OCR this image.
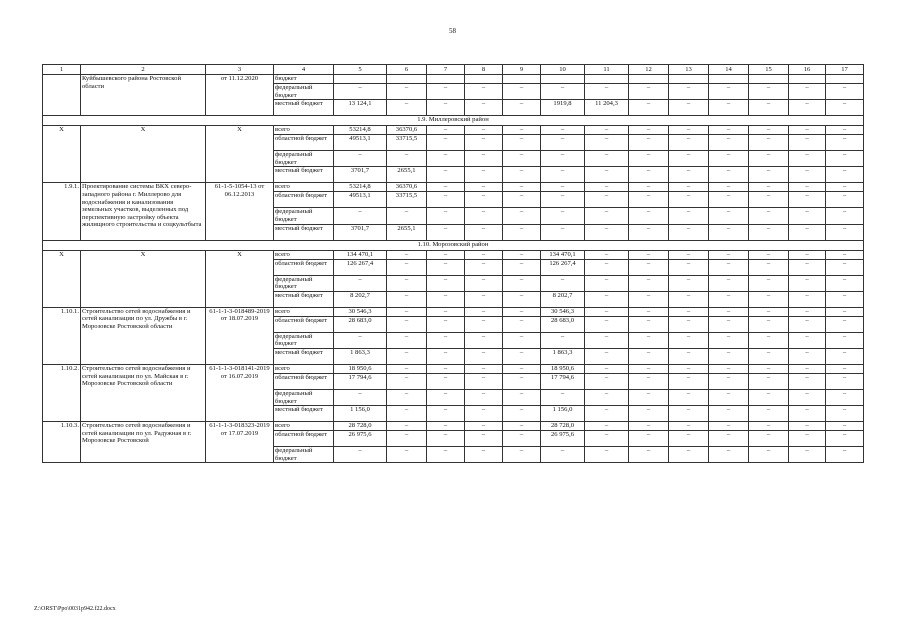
58
1	2	3	4	5	6	7	8	9	10	11	12	13	14	15	16	17
	Куйбышевского района Ростовской области	от 11.12.2020	бюджет													
			федеральный бюджет	–	–	–	–	–	–	–	–	–	–	–	–	–
			местный бюджет	13 124,1	–	–	–	–	1919,8	11 204,3	–	–	–	–	–	–
1.9. Миллеровский район																
Х	Х	Х	всего	53214,8	36370,6	–	–	–	–	–	–	–	–	–	–	–
			областной бюджет	49513,1	33715,5	–	–	–	–	–	–	–	–	–	–	–
			федеральный бюджет	–	–	–	–	–	–	–	–	–	–	–	–	–
			местный бюджет	3701,7	2655,1	–	–	–	–	–	–	–	–	–	–	–
1.9.1.	Проектирование системы ВКХ северо-западного района г. Миллерово для водоснабжения и канализования земельных участков, выделенных под перспективную застройку объекта жилищного строительства и соцкультбыта	61-1-5-1054-13 от 06.12.2013	всего	53214,8	36370,6	–	–	–	–	–	–	–	–	–	–	–
			областной бюджет	49513,1	33715,5	–	–	–	–	–	–	–	–	–	–	–
			федеральный бюджет	–	–	–	–	–	–	–	–	–	–	–	–	–
			местный бюджет	3701,7	2655,1	–	–	–	–	–	–	–	–	–	–	–
1.10. Морозовский район																
Х	Х	Х	всего	134 470,1	–	–	–	–	134 470,1	–	–	–	–	–	–	–
			областной бюджет	126 267,4	–	–	–	–	126 267,4	–	–	–	–	–	–	–
			федеральный бюджет	–	–	–	–	–	–	–	–	–	–	–	–	–
			местный бюджет	8 202,7	–	–	–	–	8 202,7	–	–	–	–	–	–	–
1.10.1.	Строительство сетей водоснабжения и сетей канализации по ул. Дружбы в г. Морозовске Ростовской области	61-1-1-3-018489-2019 от 18.07.2019	всего	30 546,3	–	–	–	–	30 546,3	–	–	–	–	–	–	–
			областной бюджет	28 683,0	–	–	–	–	28 683,0	–	–	–	–	–	–	–
			федеральный бюджет	–	–	–	–	–	–	–	–	–	–	–	–	–
			местный бюджет	1 863,3	–	–	–	–	1 863,3	–	–	–	–	–	–	–
1.10.2.	Строительство сетей водоснабжения и сетей канализации по ул. Майская в г. Морозовске Ростовской области	61-1-1-3-018141-2019 от 16.07.2019	всего	18 950,6	–	–	–	–	18 950,6	–	–	–	–	–	–	–
			областной бюджет	17 794,6	–	–	–	–	17 794,6	–	–	–	–	–	–	–
			федеральный бюджет	–	–	–	–	–	–	–	–	–	–	–	–	–
			местный бюджет	1 156,0	–	–	–	–	1 156,0	–	–	–	–	–	–	–
1.10.3.	Строительство сетей водоснабжения и сетей канализации по ул. Радужная в г. Морозовске Ростовской	61-1-1-3-018323-2019 от 17.07.2019	всего	28 728,0	–	–	–	–	28 728,0	–	–	–	–	–	–	–
			областной бюджет	26 975,6	–	–	–	–	26 975,6	–	–	–	–	–	–	–
			федеральный бюджет	–	–	–	–	–	–	–	–	–	–	–	–	–
Z:\ORST\Ppo\0031p942.f22.docx
